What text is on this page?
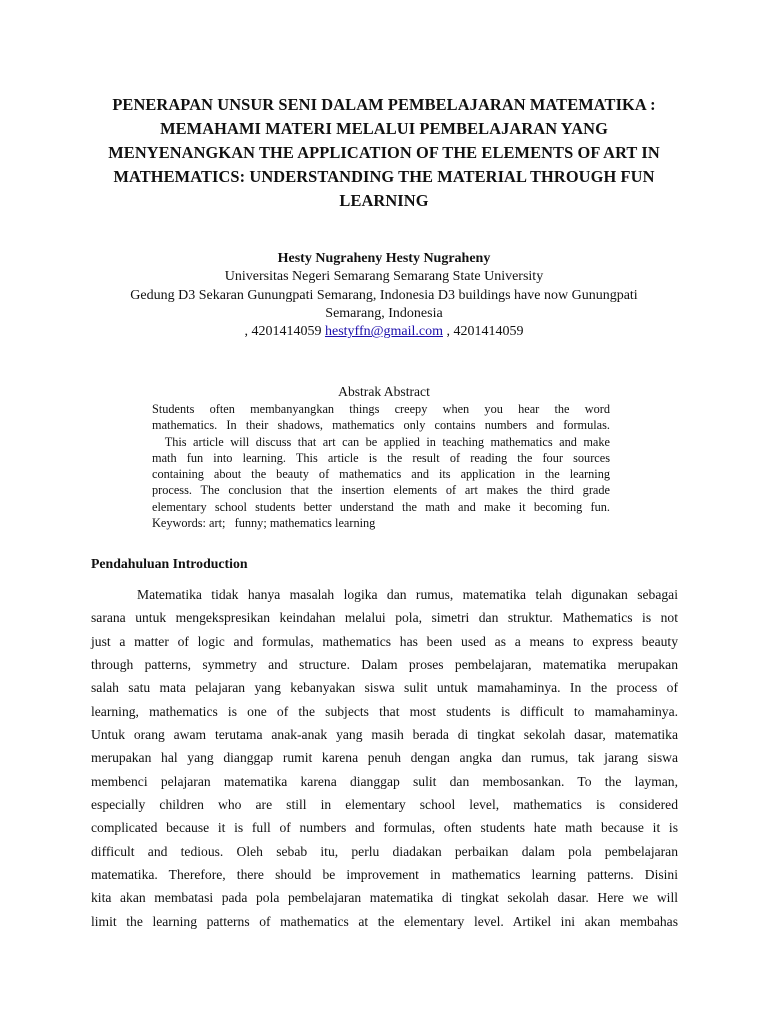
PENERAPAN UNSUR SENI DALAM PEMBELAJARAN MATEMATIKA :
MEMAHAMI MATERI MELALUI PEMBELAJARAN YANG
MENYENANGKAN THE APPLICATION OF THE ELEMENTS OF ART IN
MATHEMATICS: UNDERSTANDING THE MATERIAL THROUGH FUN
LEARNING
Hesty Nugraheny Hesty Nugraheny
Universitas Negeri Semarang Semarang State University
Gedung D3 Sekaran Gunungpati Semarang, Indonesia D3 buildings have now Gunungpati
Semarang, Indonesia
, 4201414059 hestyffn@gmail.com , 4201414059
Abstrak Abstract
Students often membanyangkan things creepy when you hear the word
mathematics. In their shadows, mathematics only contains numbers and formulas.
This article will discuss that art can be applied in teaching mathematics and make
math fun into learning. This article is the result of reading the four sources
containing about the beauty of mathematics and its application in the learning
process. The conclusion that the insertion elements of art makes the third grade
elementary school students better understand the math and make it becoming fun.
Keywords: art;   funny; mathematics learning
Pendahuluan Introduction
Matematika tidak hanya masalah logika dan rumus, matematika telah digunakan sebagai
sarana untuk mengekspresikan keindahan melalui pola, simetri dan struktur. Mathematics is not
just a matter of logic and formulas, mathematics has been used as a means to express beauty
through patterns, symmetry and structure. Dalam proses pembelajaran, matematika merupakan
salah satu mata pelajaran yang kebanyakan siswa sulit untuk mamahaminya. In the process of
learning, mathematics is one of the subjects that most students is difficult to mamahaminya.
Untuk orang awam terutama anak-anak yang masih berada di tingkat sekolah dasar, matematika
merupakan hal yang dianggap rumit karena penuh dengan angka dan rumus, tak jarang siswa
membenci pelajaran matematika karena dianggap sulit dan membosankan. To the layman,
especially children who are still in elementary school level, mathematics is considered
complicated because it is full of numbers and formulas, often students hate math because it is
difficult and tedious. Oleh sebab itu, perlu diadakan perbaikan dalam pola pembelajaran
matematika. Therefore, there should be improvement in mathematics learning patterns. Disini
kita akan membatasi pada pola pembelajaran matematika di tingkat sekolah dasar. Here we will
limit the learning patterns of mathematics at the elementary level. Artikel ini akan membahas
